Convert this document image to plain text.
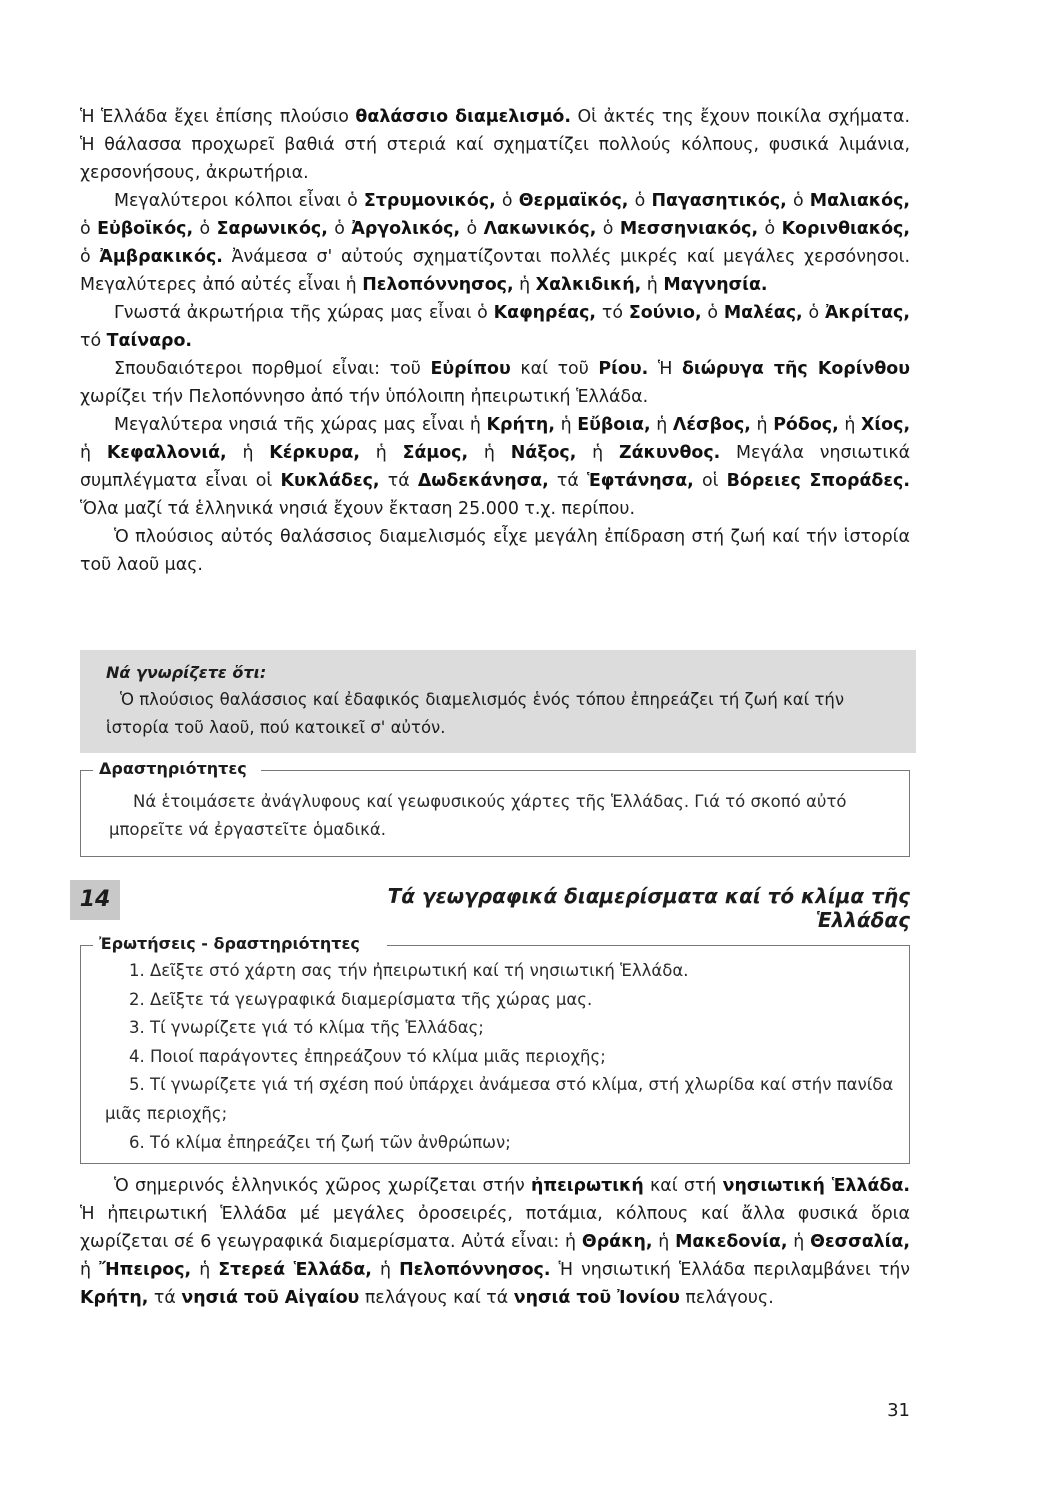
Ἡ Ἑλλάδα ἔχει ἐπίσης πλούσιο θαλάσσιο διαμελισμό. Οἱ ἀκτές της ἔχουν ποικίλα σχήματα. Ἡ θάλασσα προχωρεῖ βαθιά στή στεριά καί σχηματίζει πολλούς κόλπους, φυσικά λιμάνια, χερσονήσους, ἀκρωτήρια.

Μεγαλύτεροι κόλποι εἶναι ὁ Στρυμονικός, ὁ Θερμαϊκός, ὁ Παγασητικός, ὁ Μαλιακός, ὁ Εὐβοϊκός, ὁ Σαρωνικός, ὁ Ἀργολικός, ὁ Λακωνικός, ὁ Μεσσηνιακός, ὁ Κορινθιακός, ὁ Ἀμβρακικός. Ἀνάμεσα σ' αὐτούς σχηματίζονται πολλές μικρές καί μεγάλες χερσόνησοι. Μεγαλύτερες ἀπό αὐτές εἶναι ἡ Πελοπόννησος, ἡ Χαλκιδική, ἡ Μαγνησία.

Γνωστά ἀκρωτήρια τῆς χώρας μας εἶναι ὁ Καφηρέας, τό Σούνιο, ὁ Μαλέας, ὁ Ἀκρίτας, τό Ταίναρο.

Σπουδαιότεροι πορθμοί εἶναι: τοῦ Εὐρίπου καί τοῦ Ρίου. Ἡ διώρυγα τῆς Κορίνθου χωρίζει τήν Πελοπόννησο ἀπό τήν ὑπόλοιπη ἠπειρωτική Ἑλλάδα.

Μεγαλύτερα νησιά τῆς χώρας μας εἶναι ἡ Κρήτη, ἡ Εὔβοια, ἡ Λέσβος, ἡ Ρόδος, ἡ Χίος, ἡ Κεφαλλονιά, ἡ Κέρκυρα, ἡ Σάμος, ἡ Νάξος, ἡ Ζάκυνθος. Μεγάλα νησιωτικά συμπλέγματα εἶναι οἱ Κυκλάδες, τά Δωδεκάνησα, τά Ἑφτάνησα, οἱ Βόρειες Σποράδες. Ὅλα μαζί τά ἑλληνικά νησιά ἔχουν ἔκταση 25.000 τ.χ. περίπου.

Ὁ πλούσιος αὐτός θαλάσσιος διαμελισμός εἶχε μεγάλη ἐπίδραση στή ζωή καί τήν ἱστορία τοῦ λαοῦ μας.

Νά γνωρίζετε ὅτι:
Ὁ πλούσιος θαλάσσιος καί ἐδαφικός διαμελισμός ἑνός τόπου ἐπηρεάζει τή ζωή καί τήν ἱστορία τοῦ λαοῦ, πού κατοικεῖ σ' αὐτόν.
Δραστηριότητες
Νά ἑτοιμάσετε ἀνάγλυφους καί γεωφυσικούς χάρτες τῆς Ἑλλάδας. Γιά τό σκοπό αὐτό μπορεῖτε νά ἐργαστεῖτε ὁμαδικά.
14	Τά γεωγραφικά διαμερίσματα καί τό κλίμα τῆς Ἑλλάδας
Ἐρωτήσεις - δραστηριότητες
1. Δεῖξτε στό χάρτη σας τήν ἠπειρωτική καί τή νησιωτική Ἑλλάδα.
2. Δεῖξτε τά γεωγραφικά διαμερίσματα τῆς χώρας μας.
3. Τί γνωρίζετε γιά τό κλίμα τῆς Ἑλλάδας;
4. Ποιοί παράγοντες ἐπηρεάζουν τό κλίμα μιᾶς περιοχῆς;
5. Τί γνωρίζετε γιά τή σχέση πού ὑπάρχει ἀνάμεσα στό κλίμα, στή χλωρίδα καί στήν πανίδα μιᾶς περιοχῆς;
6. Τό κλίμα ἐπηρεάζει τή ζωή τῶν ἀνθρώπων;

Ὁ σημερινός ἑλληνικός χῶρος χωρίζεται στήν ἠπειρωτική καί στή νησιωτική Ἑλλάδα. Ἡ ἠπειρωτική Ἑλλάδα μέ μεγάλες ὀροσειρές, ποτάμια, κόλπους καί ἄλλα φυσικά ὅρια χωρίζεται σέ 6 γεωγραφικά διαμερίσματα. Αὐτά εἶναι: ἡ Θράκη, ἡ Μακεδονία, ἡ Θεσσαλία, ἡ Ἤπειρος, ἡ Στερεά Ἑλλάδα, ἡ Πελοπόννησος. Ἡ νησιωτική Ἑλλάδα περιλαμβάνει τήν Κρήτη, τά νησιά τοῦ Αἰγαίου πελάγους καί τά νησιά τοῦ Ἰονίου πελάγους.

31
